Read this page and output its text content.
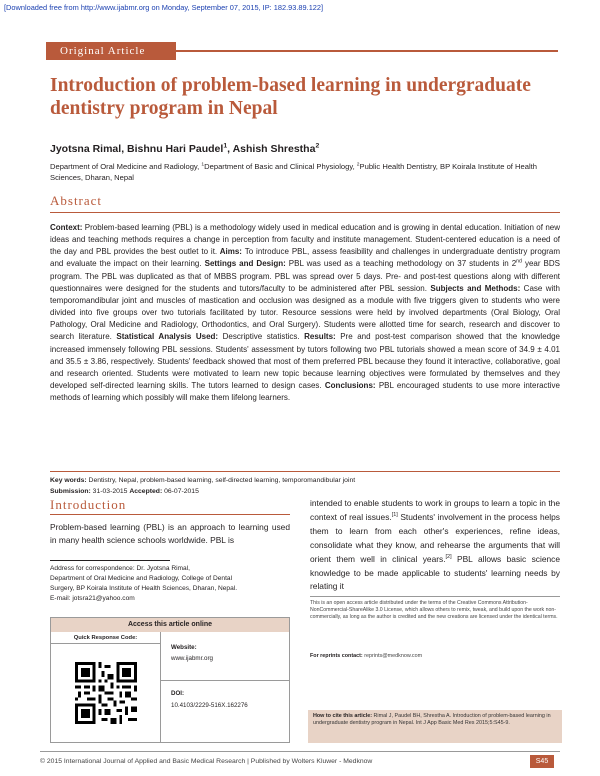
[Downloaded free from http://www.ijabmr.org on Monday, September 07, 2015, IP: 182.93.89.122]
Original Article
Introduction of problem-based learning in undergraduate dentistry program in Nepal
Jyotsna Rimal, Bishnu Hari Paudel$^1$, Ashish Shrestha$^2$
Department of Oral Medicine and Radiology, $^1$Department of Basic and Clinical Physiology, $^2$Public Health Dentistry, BP Koirala Institute of Health Sciences, Dharan, Nepal
Abstract

Context: Problem-based learning (PBL) is a methodology widely used in medical education and is growing in dental education. Initiation of new ideas and teaching methods requires a change in perception from faculty and institute management. Student-centered education is a need of the day and PBL provides the best outlet to it. Aims: To introduce PBL, assess feasibility and challenges in undergraduate dentistry program and evaluate the impact on their learning. Settings and Design: PBL was used as a teaching methodology on 37 students in 2nd year BDS program. The PBL was duplicated as that of MBBS program. PBL was spread over 5 days. Pre- and post-test questions along with different questionnaires were designed for the students and tutors/faculty to be administered after PBL session. Subjects and Methods: Case with temporomandibular joint and muscles of mastication and occlusion was designed as a module with five triggers given to students who were divided into five groups over two tutorials facilitated by tutor. Resource sessions were held by involved departments (Oral Biology, Oral Pathology, Oral Medicine and Radiology, Orthodontics, and Oral Surgery). Students were allotted time for search, research and discover to search literature. Statistical Analysis Used: Descriptive statistics. Results: Pre and post-test comparison showed that the knowledge increased immensely following PBL sessions. Students' assessment by tutors following two PBL tutorials showed a mean score of 34.9 ± 4.01 and 35.5 ± 3.86, respectively. Students' feedback showed that most of them preferred PBL because they found it interactive, collaborative, goal and research oriented. Students were motivated to learn new topic because learning objectives were formulated by themselves and they developed self-directed learning skills. The tutors learned to design cases. Conclusions: PBL encouraged students to use more interactive methods of learning which possibly will make them lifelong learners.

Key words: Dentistry, Nepal, problem-based learning, self-directed learning, temporomandibular joint
Submission: 31-03-2015 Accepted: 06-07-2015
Introduction

Problem-based learning (PBL) is an approach to learning used in many health science schools worldwide. PBL is

Address for correspondence: Dr. Jyotsna Rimal,
Department of Oral Medicine and Radiology, College of Dental
Surgery, BP Koirala Institute of Health Sciences, Dharan, Nepal.
E-mail: jotsra21@yahoo.com
Access this article online
Quick Response Code:
Website:
www.ijabmr.org
DOI:
10.4103/2229-516X.162276

intended to enable students to work in groups to learn a topic in the context of real issues.[1] Students' involvement in the process helps them to learn from each other's experiences, refine ideas, consolidate what they know, and rehearse the arguments that will orient them well in clinical years.[2] PBL allows basic science knowledge to be made applicable to students' learning needs by relating it

This is an open access article distributed under the terms of the Creative Commons Attribution-NonCommercial-ShareAlike 3.0 License, which allows others to remix, tweak, and build upon the work non-commercially, as long as the author is credited and the new creations are licensed under the identical terms.
For reprints contact: reprints@medknow.com
How to cite this article: Rimal J, Paudel BH, Shrestha A. Introduction of problem-based learning in undergraduate dentistry program in Nepal. Int J App Basic Med Res 2015;5:S45-9.
© 2015 International Journal of Applied and Basic Medical Research | Published by Wolters Kluwer - Medknow	S45
